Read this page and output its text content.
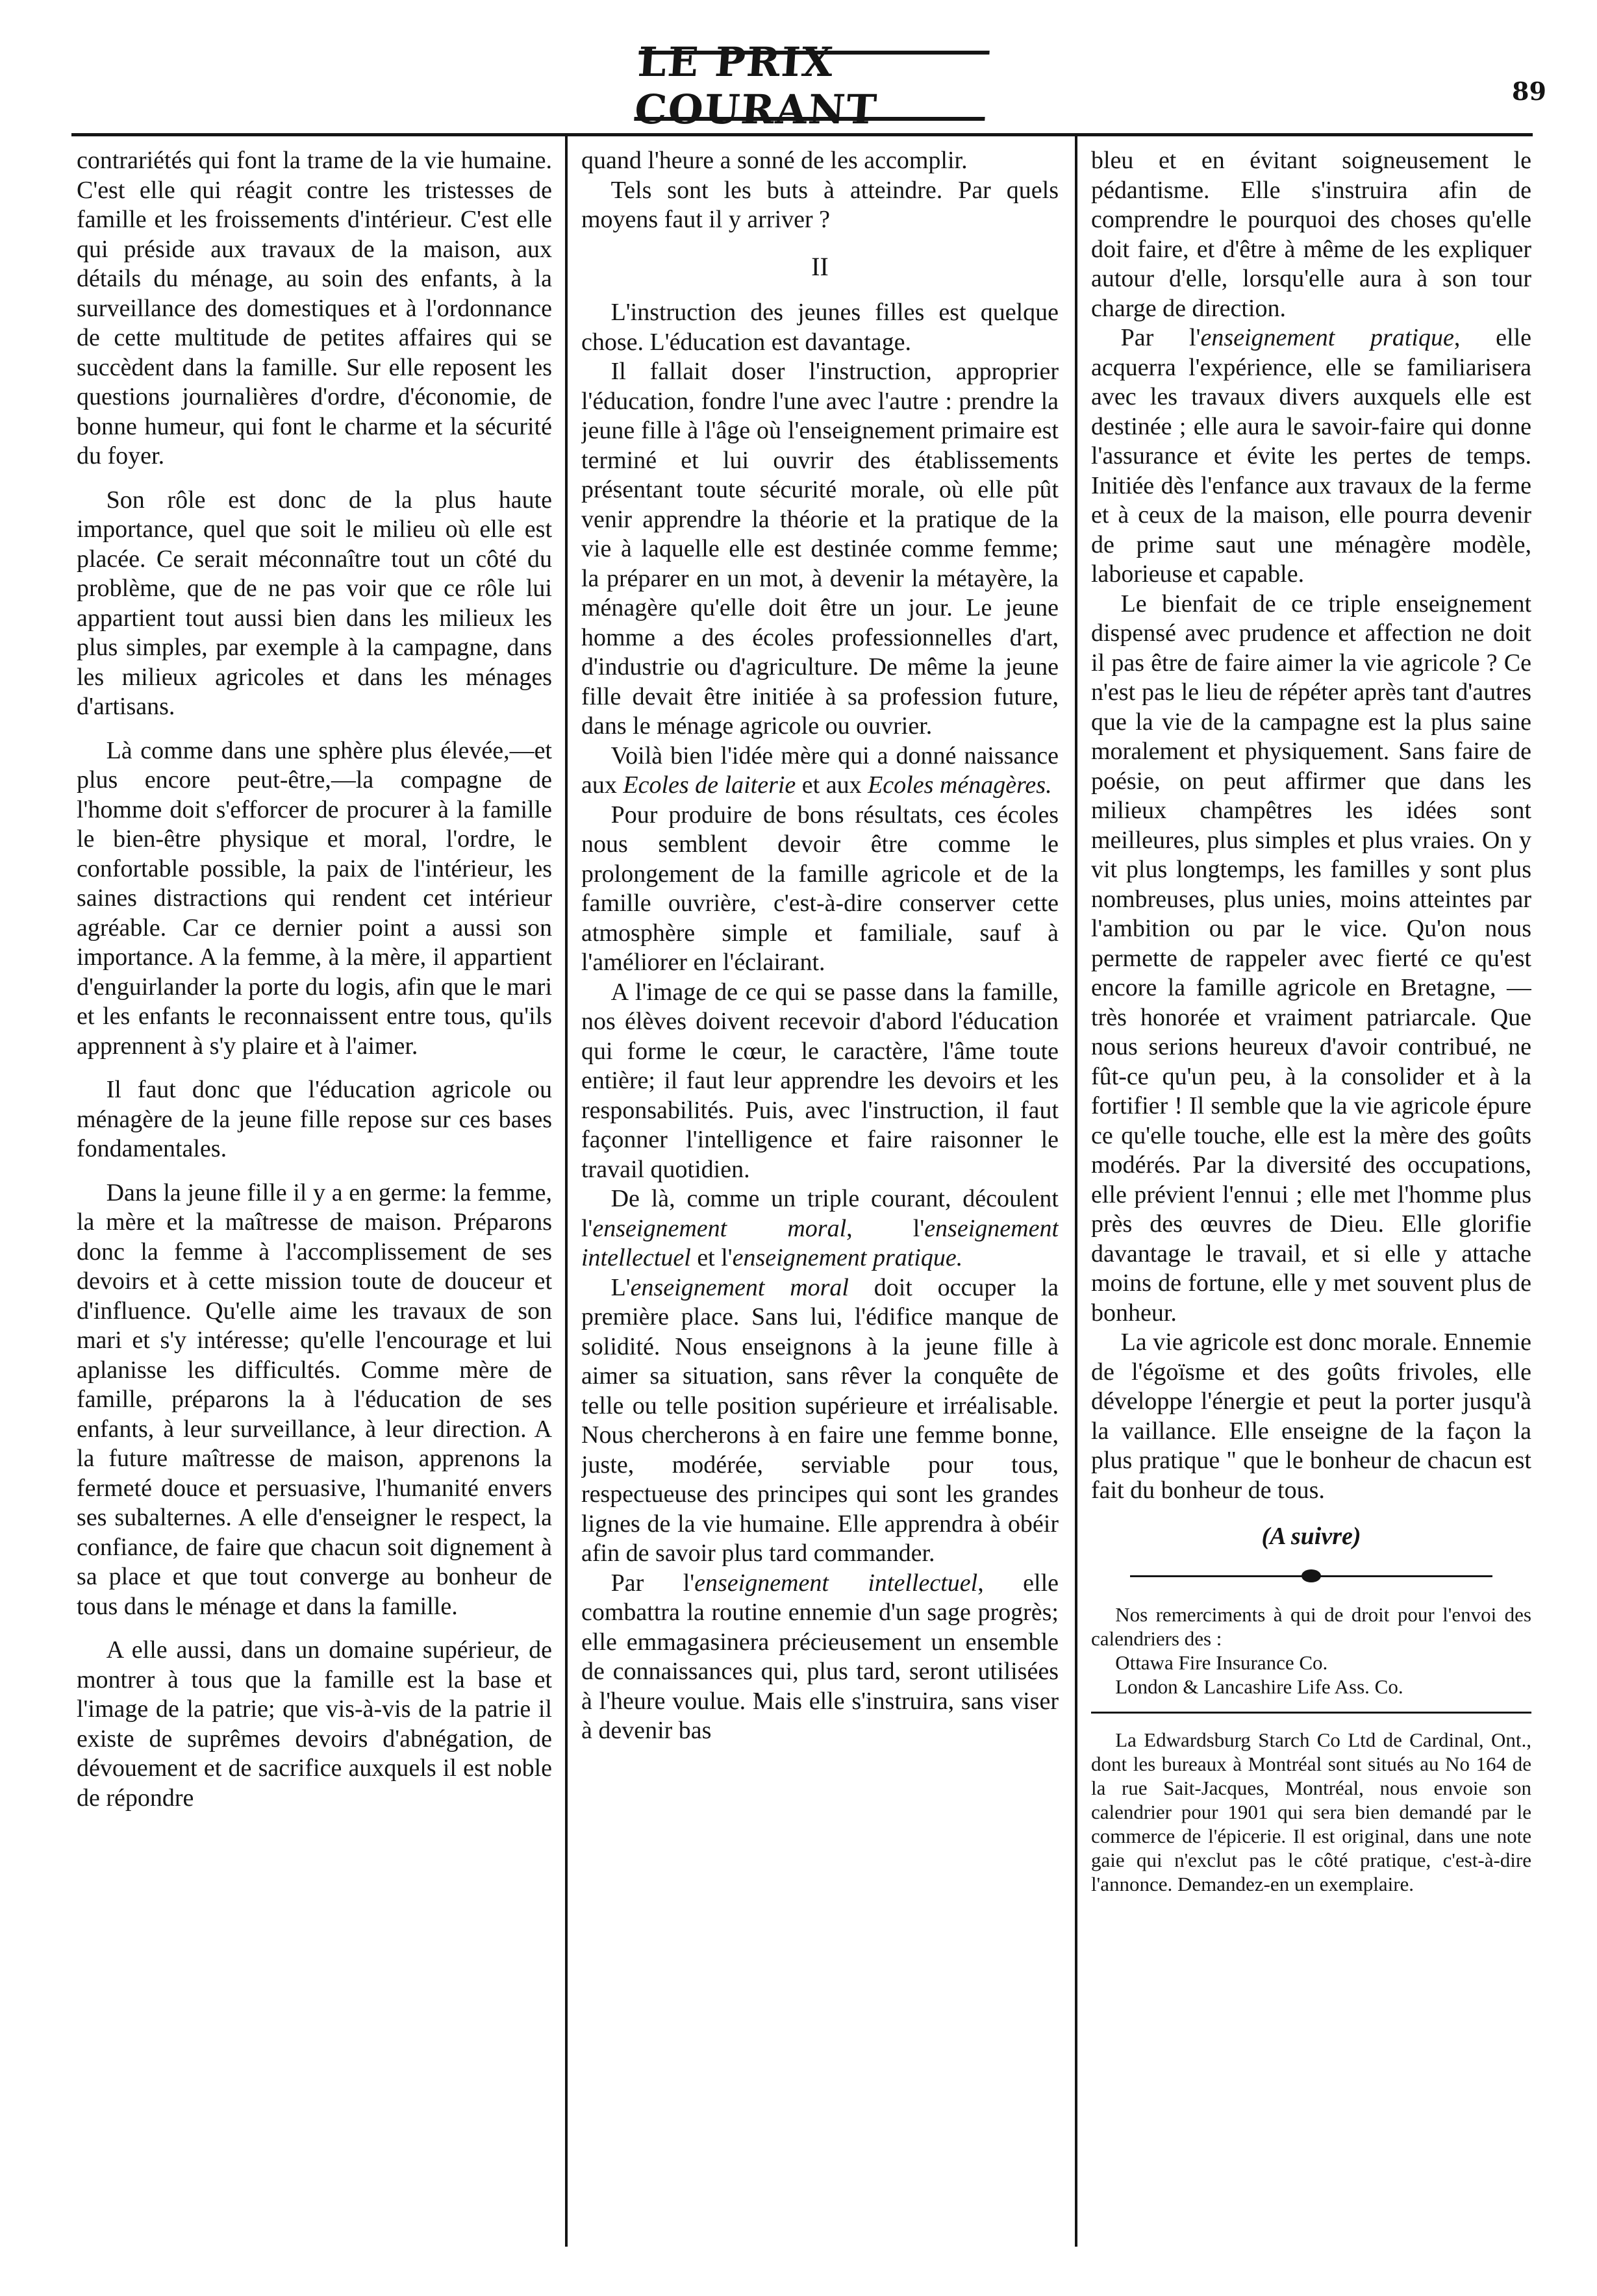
LE PRIX COURANT	89

contrariétés qui font la trame de la vie humaine. C'est elle qui réagit contre les tristesses de famille et les froissements d'intérieur. C'est elle qui préside aux travaux de la maison, aux détails du ménage, au soin des enfants, à la surveillance des domestiques et à l'ordonnance de cette multitude de petites affaires qui se succèdent dans la famille. Sur elle reposent les questions journalières d'ordre, d'économie, de bonne humeur, qui font le charme et la sécurité du foyer.

Son rôle est donc de la plus haute importance, quel que soit le milieu où elle est placée. Ce serait méconnaître tout un côté du problème, que de ne pas voir que ce rôle lui appartient tout aussi bien dans les milieux les plus simples, par exemple à la campagne, dans les milieux agricoles et dans les ménages d'artisans.

Là comme dans une sphère plus élevée,—et plus encore peut-être,—la compagne de l'homme doit s'efforcer de procurer à la famille le bien-être physique et moral, l'ordre, le confortable possible, la paix de l'intérieur, les saines distractions qui rendent cet intérieur agréable. Car ce dernier point a aussi son importance. A la femme, à la mère, il appartient d'enguirlander la porte du logis, afin que le mari et les enfants le reconnaissent entre tous, qu'ils apprennent à s'y plaire et à l'aimer.

Il faut donc que l'éducation agricole ou ménagère de la jeune fille repose sur ces bases fondamentales.

Dans la jeune fille il y a en germe: la femme, la mère et la maîtresse de maison. Préparons donc la femme à l'accomplissement de ses devoirs et à cette mission toute de douceur et d'influence. Qu'elle aime les travaux de son mari et s'y intéresse; qu'elle l'encourage et lui aplanisse les difficultés. Comme mère de famille, préparons la à l'éducation de ses enfants, à leur surveillance, à leur direction. A la future maîtresse de maison, apprenons la fermeté douce et persuasive, l'humanité envers ses subalternes. A elle d'enseigner le respect, la confiance, de faire que chacun soit dignement à sa place et que tout converge au bonheur de tous dans le ménage et dans la famille.

A elle aussi, dans un domaine supérieur, de montrer à tous que la famille est la base et l'image de la patrie; que vis-à-vis de la patrie il existe de suprêmes devoirs d'abnégation, de dévouement et de sacrifice auxquels il est noble de répondre

quand l'heure a sonné de les accomplir.

Tels sont les buts à atteindre. Par quels moyens faut il y arriver ?

II

L'instruction des jeunes filles est quelque chose. L'éducation est davantage.

Il fallait doser l'instruction, approprier l'éducation, fondre l'une avec l'autre : prendre la jeune fille à l'âge où l'enseignement primaire est terminé et lui ouvrir des établissements présentant toute sécurité morale, où elle pût venir apprendre la théorie et la pratique de la vie à laquelle elle est destinée comme femme; la préparer en un mot, à devenir la métayère, la ménagère qu'elle doit être un jour. Le jeune homme a des écoles professionnelles d'art, d'industrie ou d'agriculture. De même la jeune fille devait être initiée à sa profession future, dans le ménage agricole ou ouvrier.

Voilà bien l'idée mère qui a donné naissance aux Ecoles de laiterie et aux Ecoles ménagères.

Pour produire de bons résultats, ces écoles nous semblent devoir être comme le prolongement de la famille agricole et de la famille ouvrière, c'est-à-dire conserver cette atmosphère simple et familiale, sauf à l'améliorer en l'éclairant.

A l'image de ce qui se passe dans la famille, nos élèves doivent recevoir d'abord l'éducation qui forme le cœur, le caractère, l'âme toute entière; il faut leur apprendre les devoirs et les responsabilités. Puis, avec l'instruction, il faut façonner l'intelligence et faire raisonner le travail quotidien.

De là, comme un triple courant, découlent l'enseignement moral, l'enseignement intellectuel et l'enseignement pratique.

L'enseignement moral doit occuper la première place. Sans lui, l'édifice manque de solidité. Nous enseignons à la jeune fille à aimer sa situation, sans rêver la conquête de telle ou telle position supérieure et irréalisable. Nous chercherons à en faire une femme bonne, juste, modérée, serviable pour tous, respectueuse des principes qui sont les grandes lignes de la vie humaine. Elle apprendra à obéir afin de savoir plus tard commander.

Par l'enseignement intellectuel, elle combattra la routine ennemie d'un sage progrès; elle emmagasinera précieusement un ensemble de connaissances qui, plus tard, seront utilisées à l'heure voulue. Mais elle s'instruira, sans viser à devenir bas

bleu et en évitant soigneusement le pédantisme. Elle s'instruira afin de comprendre le pourquoi des choses qu'elle doit faire, et d'être à même de les expliquer autour d'elle, lorsqu'elle aura à son tour charge de direction.

Par l'enseignement pratique, elle acquerra l'expérience, elle se familiarisera avec les travaux divers auxquels elle est destinée ; elle aura le savoir-faire qui donne l'assurance et évite les pertes de temps. Initiée dès l'enfance aux travaux de la ferme et à ceux de la maison, elle pourra devenir de prime saut une ménagère modèle, laborieuse et capable.

Le bienfait de ce triple enseignement dispensé avec prudence et affection ne doit il pas être de faire aimer la vie agricole ? Ce n'est pas le lieu de répéter après tant d'autres que la vie de la campagne est la plus saine moralement et physiquement. Sans faire de poésie, on peut affirmer que dans les milieux champêtres les idées sont meilleures, plus simples et plus vraies. On y vit plus longtemps, les familles y sont plus nombreuses, plus unies, moins atteintes par l'ambition ou par le vice. Qu'on nous permette de rappeler avec fierté ce qu'est encore la famille agricole en Bretagne, — très honorée et vraiment patriarcale. Que nous serions heureux d'avoir contribué, ne fût-ce qu'un peu, à la consolider et à la fortifier ! Il semble que la vie agricole épure ce qu'elle touche, elle est la mère des goûts modérés. Par la diversité des occupations, elle prévient l'ennui ; elle met l'homme plus près des œuvres de Dieu. Elle glorifie davantage le travail, et si elle y attache moins de fortune, elle y met souvent plus de bonheur.

La vie agricole est donc morale. Ennemie de l'égoïsme et des goûts frivoles, elle développe l'énergie et peut la porter jusqu'à la vaillance. Elle enseigne de la façon la plus pratique " que le bonheur de chacun est fait du bonheur de tous.

(A suivre)

Nos remerciments à qui de droit pour l'envoi des calendriers des :

Ottawa Fire Insurance Co.

London & Lancashire Life Ass. Co.

La Edwardsburg Starch Co Ltd de Cardinal, Ont., dont les bureaux à Montréal sont situés au No 164 de la rue Sait-Jacques, Montréal, nous envoie son calendrier pour 1901 qui sera bien demandé par le commerce de l'épicerie. Il est original, dans une note gaie qui n'exclut pas le côté pratique, c'est-à-dire l'annonce. Demandez-en un exemplaire.
